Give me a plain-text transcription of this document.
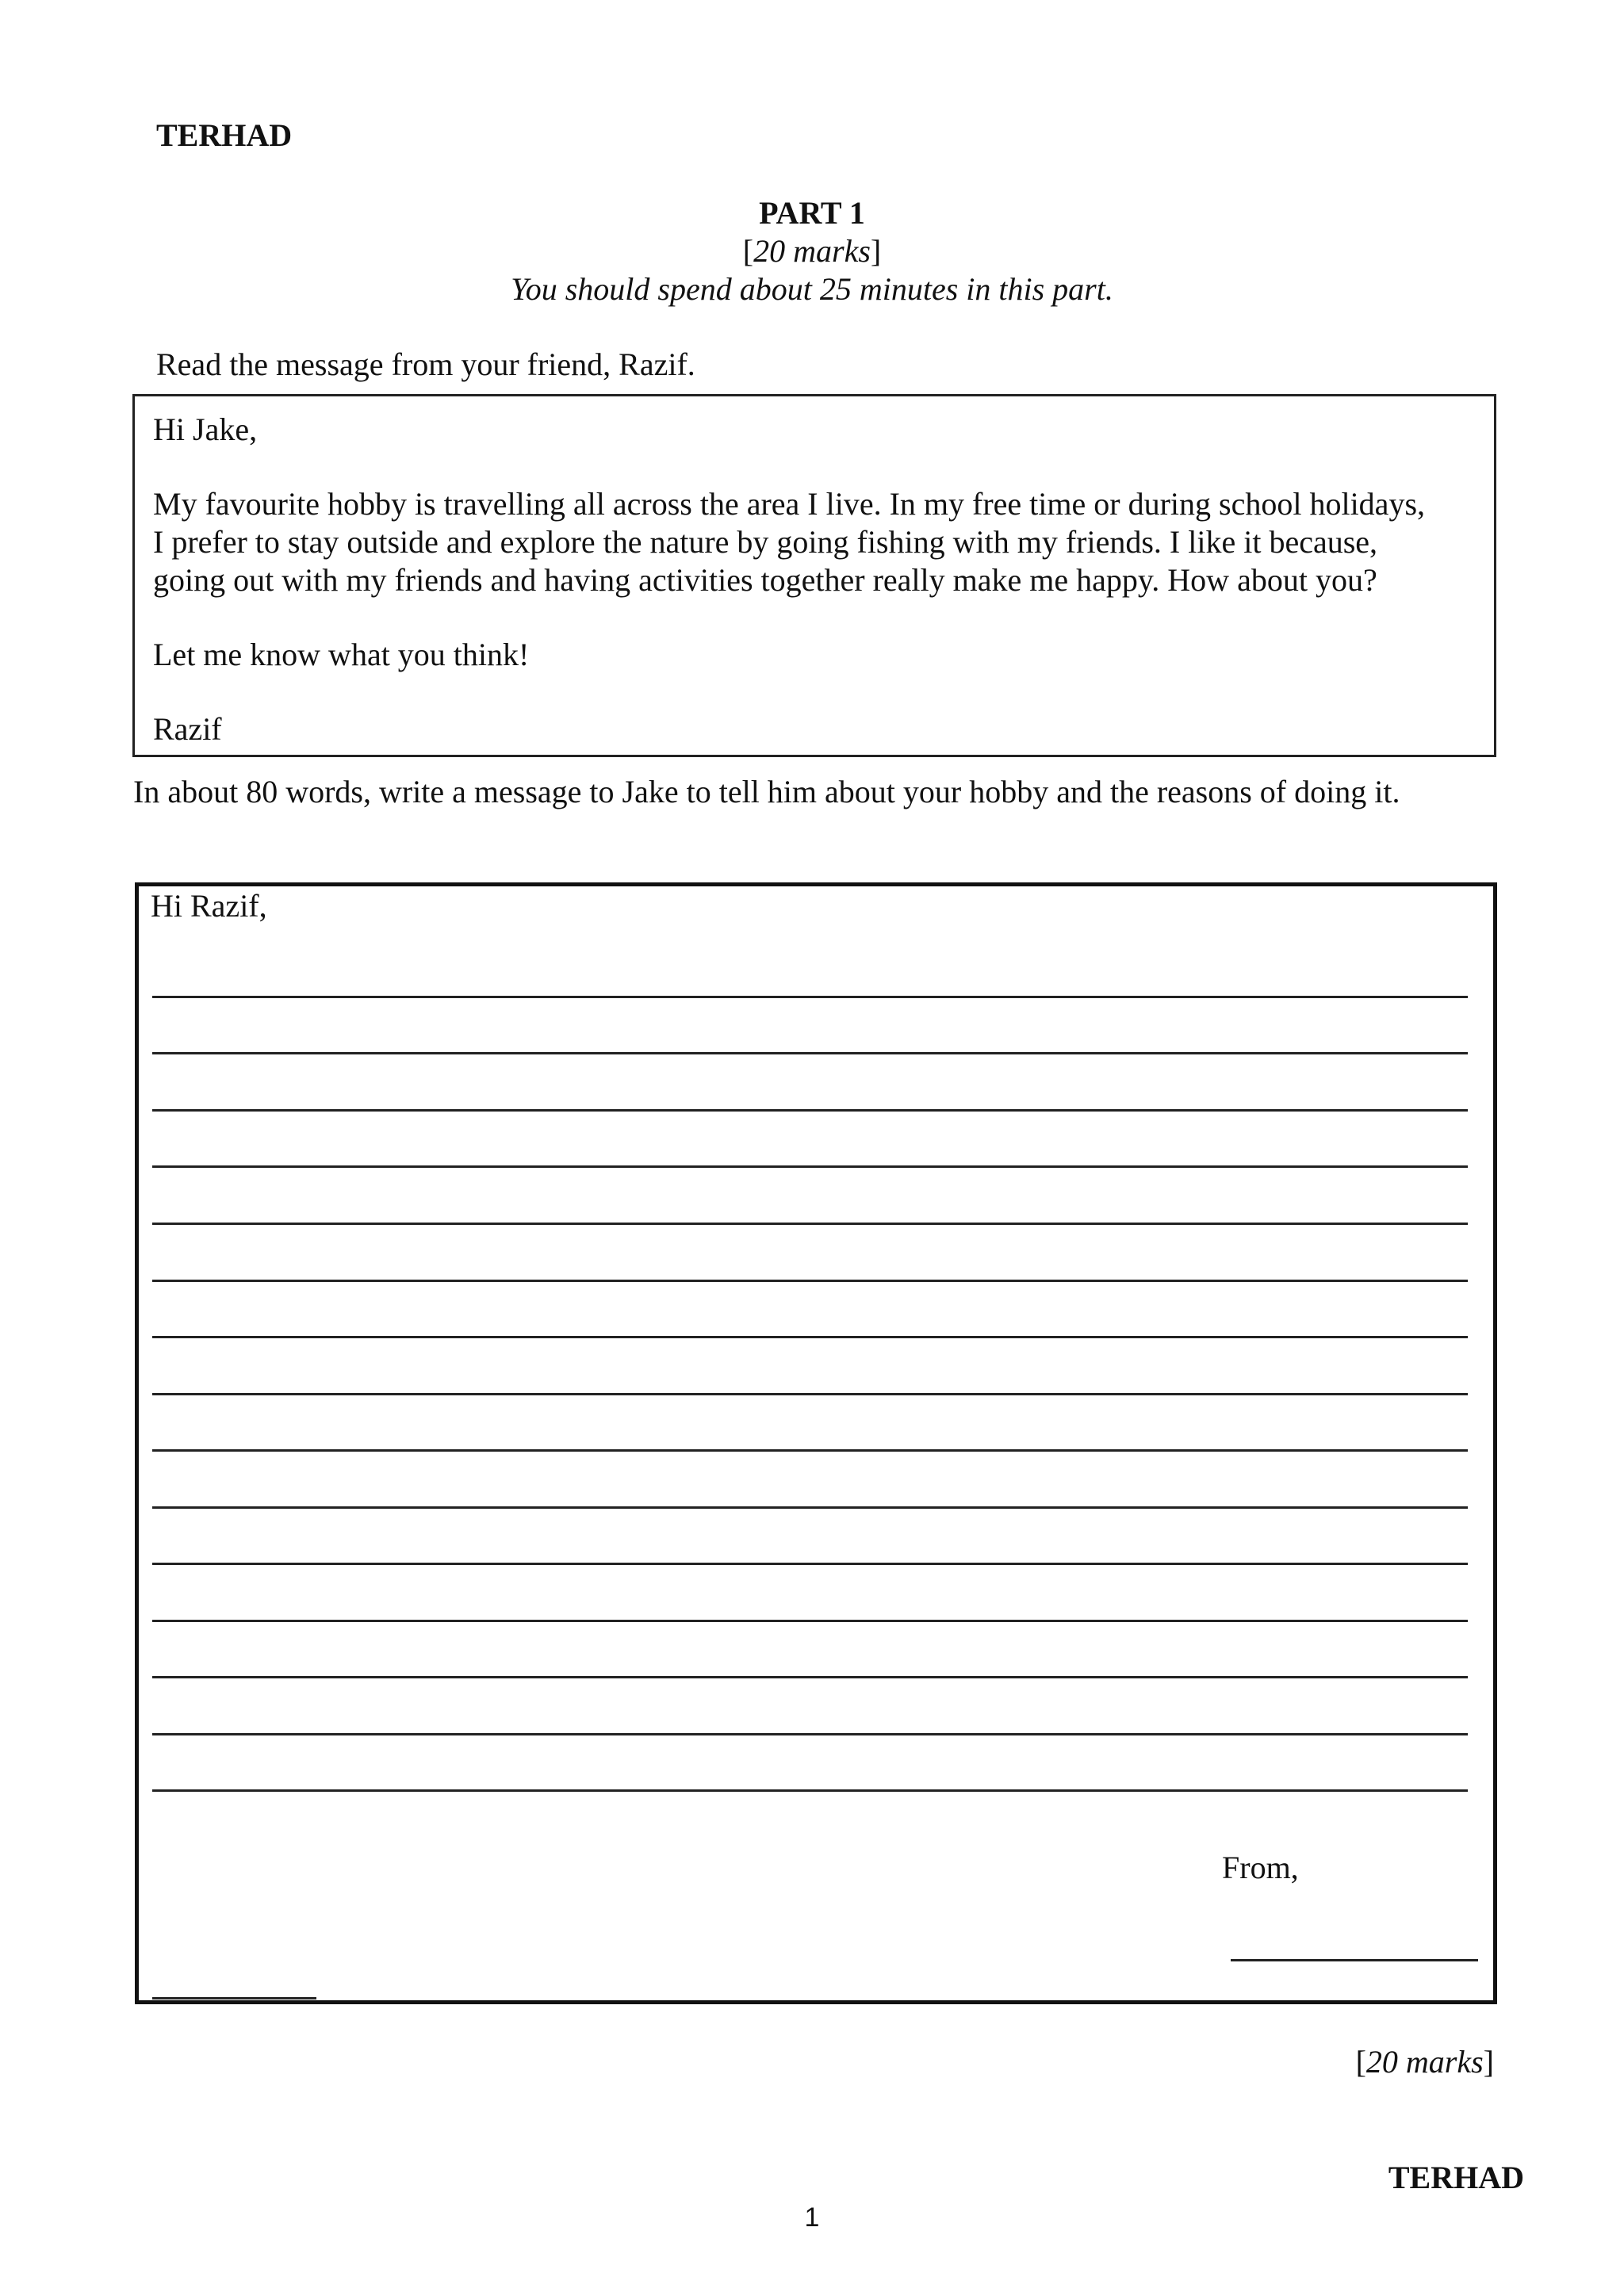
TERHAD
PART 1
[20 marks]
You should spend about 25 minutes in this part.
Read the message from your friend, Razif.
Hi Jake,
My favourite hobby is travelling all across the area I live. In my free time or during school holidays,
I prefer to stay outside and explore the nature by going fishing with my friends. I like it because,
going out with my friends and having activities together really make me happy. How about you?
Let me know what you think!
Razif
In about 80 words, write a message to Jake to tell him about your hobby and the reasons of doing it.
Hi Razif,
From,
[20 marks]
TERHAD
1
